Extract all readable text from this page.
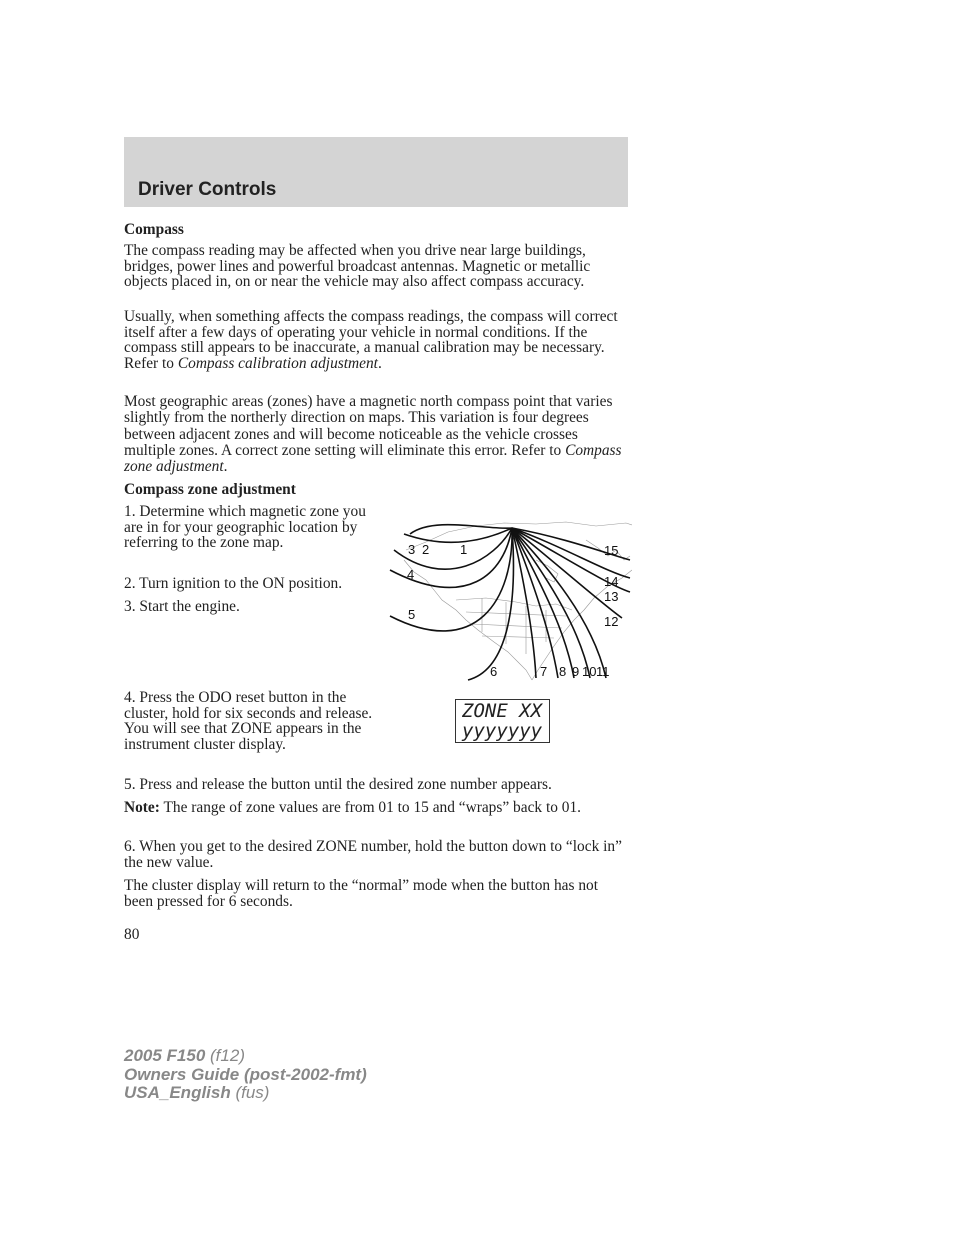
Driver Controls

Compass

The compass reading may be affected when you drive near large buildings, bridges, power lines and powerful broadcast antennas. Magnetic or metallic objects placed in, on or near the vehicle may also affect compass accuracy.

Usually, when something affects the compass readings, the compass will correct itself after a few days of operating your vehicle in normal conditions. If the compass still appears to be inaccurate, a manual calibration may be necessary. Refer to Compass calibration adjustment.

Most geographic areas (zones) have a magnetic north compass point that varies slightly from the northerly direction on maps. This variation is four degrees between adjacent zones and will become noticeable as the vehicle crosses multiple zones. A correct zone setting will eliminate this error. Refer to Compass zone adjustment.

Compass zone adjustment

1. Determine which magnetic zone you are in for your geographic location by referring to the zone map.

2. Turn ignition to the ON position.

3. Start the engine.

1
2
3
4
5
6	7 8 9 10 11
12
13
14
15

4. Press the ODO reset button in the cluster, hold for six seconds and release. You will see that ZONE appears in the instrument cluster display.

ZONE XX
yyyyyyy

5. Press and release the button until the desired zone number appears.

Note: The range of zone values are from 01 to 15 and “wraps” back to 01.

6. When you get to the desired ZONE number, hold the button down to “lock in” the new value.

The cluster display will return to the “normal” mode when the button has not been pressed for 6 seconds.

80
2005 F150 (f12)
Owners Guide (post-2002-fmt)
USA_English (fus)
